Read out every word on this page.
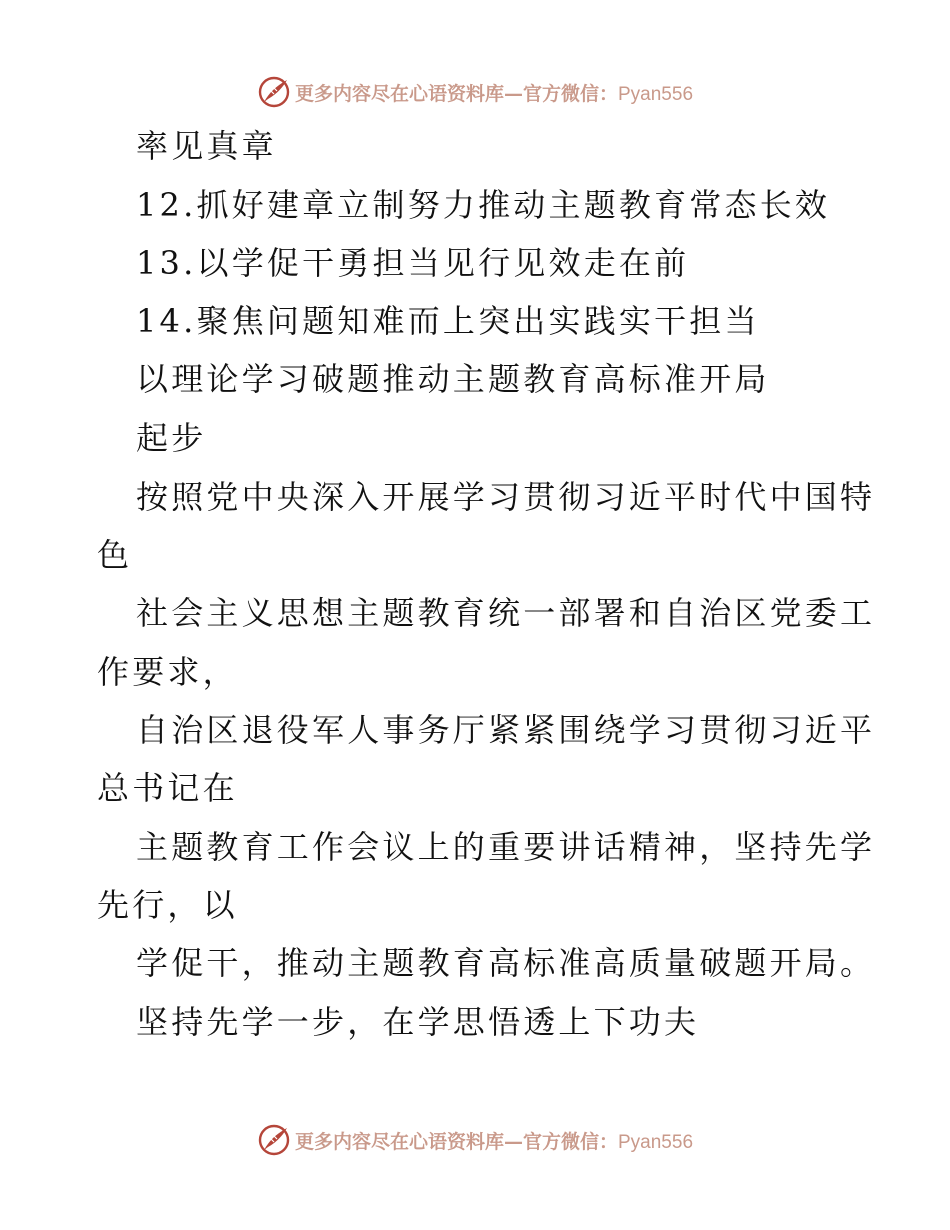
更多内容尽在心语资料库—官方微信：Pyan556
率见真章
12.抓好建章立制努力推动主题教育常态长效
13.以学促干勇担当见行见效走在前
14.聚焦问题知难而上突出实践实干担当
以理论学习破题推动主题教育高标准开局
起步
按照党中央深入开展学习贯彻习近平时代中国特
色
社会主义思想主题教育统一部署和自治区党委工
作要求，
自治区退役军人事务厅紧紧围绕学习贯彻习近平
总书记在
主题教育工作会议上的重要讲话精神，坚持先学
先行，以
学促干，推动主题教育高标准高质量破题开局。
坚持先学一步，在学思悟透上下功夫
更多内容尽在心语资料库—官方微信：Pyan556
